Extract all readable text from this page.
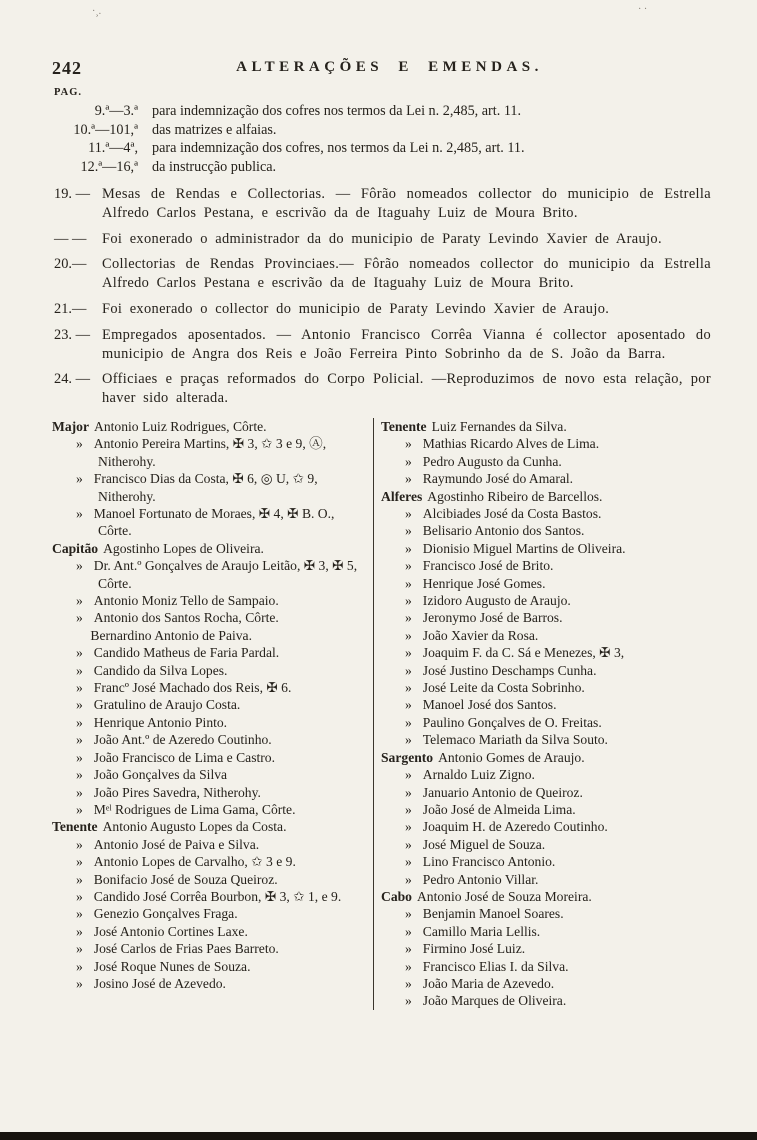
·¸.	· ·
242	ALTERAÇÕES E EMENDAS.
PAG.
9.ª—3.ª para indemnização dos cofres nos termos da Lei n. 2,485, art. 11.
10.ª—101,ª das matrizes e alfaias.
11.ª—4ª, para indemnização dos cofres, nos termos da Lei n. 2,485, art. 11.
12.ª—16,ª da instrucção publica.
19. — Mesas de Rendas e Collectorias. — Fôrão nomeados collector do municipio de Estrella Alfredo Carlos Pestana, e escrivão da de Itaguahy Luiz de Moura Brito.
— —	Foi exonerado o administrador da do municipio de Paraty Levindo Xavier de Araujo.
20.—	Collectorias de Rendas Provinciaes.— Fôrão nomeados collector do municipio da Estrella Alfredo Carlos Pestana e escrivão da de Itaguahy Luiz de Moura Brito.
21.—	Foi exonerado o collector do municipio de Paraty Levindo Xavier de Araujo.
23. — Empregados aposentados. — Antonio Francisco Corrêa Vianna é collector aposentado do municipio de Angra dos Reis e João Ferreira Pinto Sobrinho da de S. João da Barra.
24. — Officiaes e praças reformados do Corpo Policial. —Reproduzimos de novo esta relação, por haver sido alterada.
Major Antonio Luiz Rodrigues, Côrte.
» Antonio Pereira Martins, ✠ 3, ✩ 3 e 9, Ⓐ, Nitherohy.
» Francisco Dias da Costa, ✠ 6, ◎ U, ✩ 9, Nitherohy.
» Manoel Fortunato de Moraes, ✠ 4, ✠ B. O., Côrte.
Capitão Agostinho Lopes de Oliveira.
» Dr. Ant.º Gonçalves de Araujo Leitão, ✠ 3, ✠ 5, Côrte.
» Antonio Moniz Tello de Sampaio.
» Antonio dos Santos Rocha, Côrte.
Bernardino Antonio de Paiva.
» Candido Matheus de Faria Pardal.
» Candido da Silva Lopes.
» Francº José Machado dos Reis, ✠ 6.
» Gratulino de Araujo Costa.
» Henrique Antonio Pinto.
» João Ant.º de Azeredo Coutinho.
» João Francisco de Lima e Castro.
» João Gonçalves da Silva
» João Pires Savedra, Nitherohy.
» Mᵉˡ Rodrigues de Lima Gama, Côrte.
Tenente Antonio Augusto Lopes da Costa.
» Antonio José de Paiva e Silva.
» Antonio Lopes de Carvalho, ✩ 3 e 9.
» Bonifacio José de Souza Queiroz.
» Candido José Corrêa Bourbon, ✠ 3, ✩ 1, e 9.
» Genezio Gonçalves Fraga.
» José Antonio Cortines Laxe.
» José Carlos de Frias Paes Barreto.
» José Roque Nunes de Souza.
» Josino José de Azevedo.
Tenente Luiz Fernandes da Silva.
» Mathias Ricardo Alves de Lima.
» Pedro Augusto da Cunha.
» Raymundo José do Amaral.
Alferes Agostinho Ribeiro de Barcellos.
» Alcibiades José da Costa Bastos.
» Belisario Antonio dos Santos.
» Dionisio Miguel Martins de Oliveira.
» Francisco José de Brito.
» Henrique José Gomes.
» Izidoro Augusto de Araujo.
» Jeronymo José de Barros.
» João Xavier da Rosa.
» Joaquim F. da C. Sá e Menezes, ✠ 3,
» José Justino Deschamps Cunha.
» José Leite da Costa Sobrinho.
» Manoel José dos Santos.
» Paulino Gonçalves de O. Freitas.
» Telemaco Mariath da Silva Souto.
Sargento Antonio Gomes de Araujo.
» Arnaldo Luiz Zigno.
» Januario Antonio de Queiroz.
» João José de Almeida Lima.
» Joaquim H. de Azeredo Coutinho.
» José Miguel de Souza.
» Lino Francisco Antonio.
» Pedro Antonio Villar.
Cabo Antonio José de Souza Moreira.
» Benjamin Manoel Soares.
» Camillo Maria Lellis.
» Firmino José Luiz.
» Francisco Elias I. da Silva.
» João Maria de Azevedo.
» João Marques de Oliveira.
